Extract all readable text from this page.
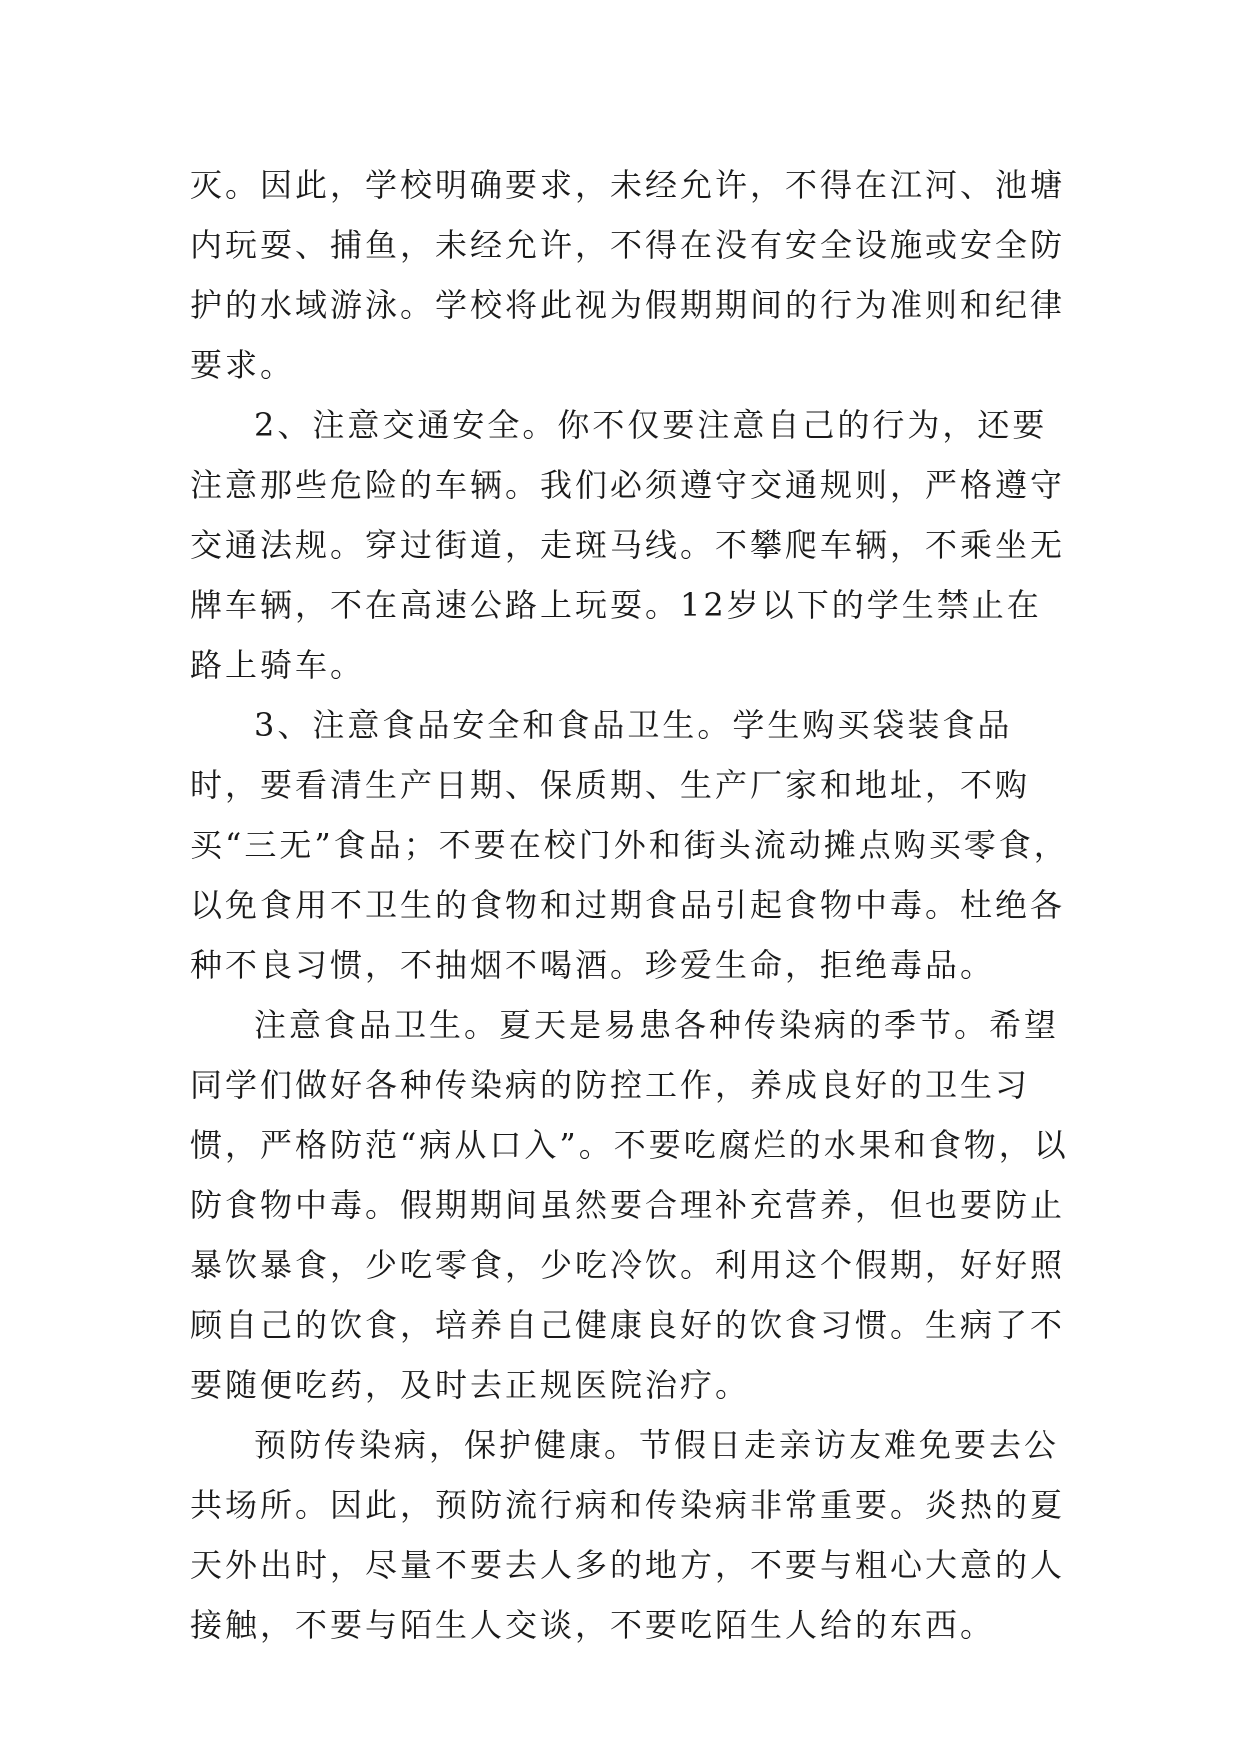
灭。因此，学校明确要求，未经允许，不得在江河、池塘内玩耍、捕鱼，未经允许，不得在没有安全设施或安全防护的水域游泳。学校将此视为假期期间的行为准则和纪律要求。

2、注意交通安全。你不仅要注意自己的行为，还要注意那些危险的车辆。我们必须遵守交通规则，严格遵守交通法规。穿过街道，走斑马线。不攀爬车辆，不乘坐无牌车辆，不在高速公路上玩耍。12岁以下的学生禁止在路上骑车。

3、注意食品安全和食品卫生。学生购买袋装食品时，要看清生产日期、保质期、生产厂家和地址，不购买“三无”食品；不要在校门外和街头流动摊点购买零食，以免食用不卫生的食物和过期食品引起食物中毒。杜绝各种不良习惯，不抽烟不喝酒。珍爱生命，拒绝毒品。

注意食品卫生。夏天是易患各种传染病的季节。希望同学们做好各种传染病的防控工作，养成良好的卫生习惯，严格防范“病从口入”。不要吃腐烂的水果和食物，以防食物中毒。假期期间虽然要合理补充营养，但也要防止暴饮暴食，少吃零食，少吃冷饮。利用这个假期，好好照顾自己的饮食，培养自己健康良好的饮食习惯。生病了不要随便吃药，及时去正规医院治疗。

预防传染病，保护健康。节假日走亲访友难免要去公共场所。因此，预防流行病和传染病非常重要。炎热的夏天外出时，尽量不要去人多的地方，不要与粗心大意的人接触，不要与陌生人交谈，不要吃陌生人给的东西。
